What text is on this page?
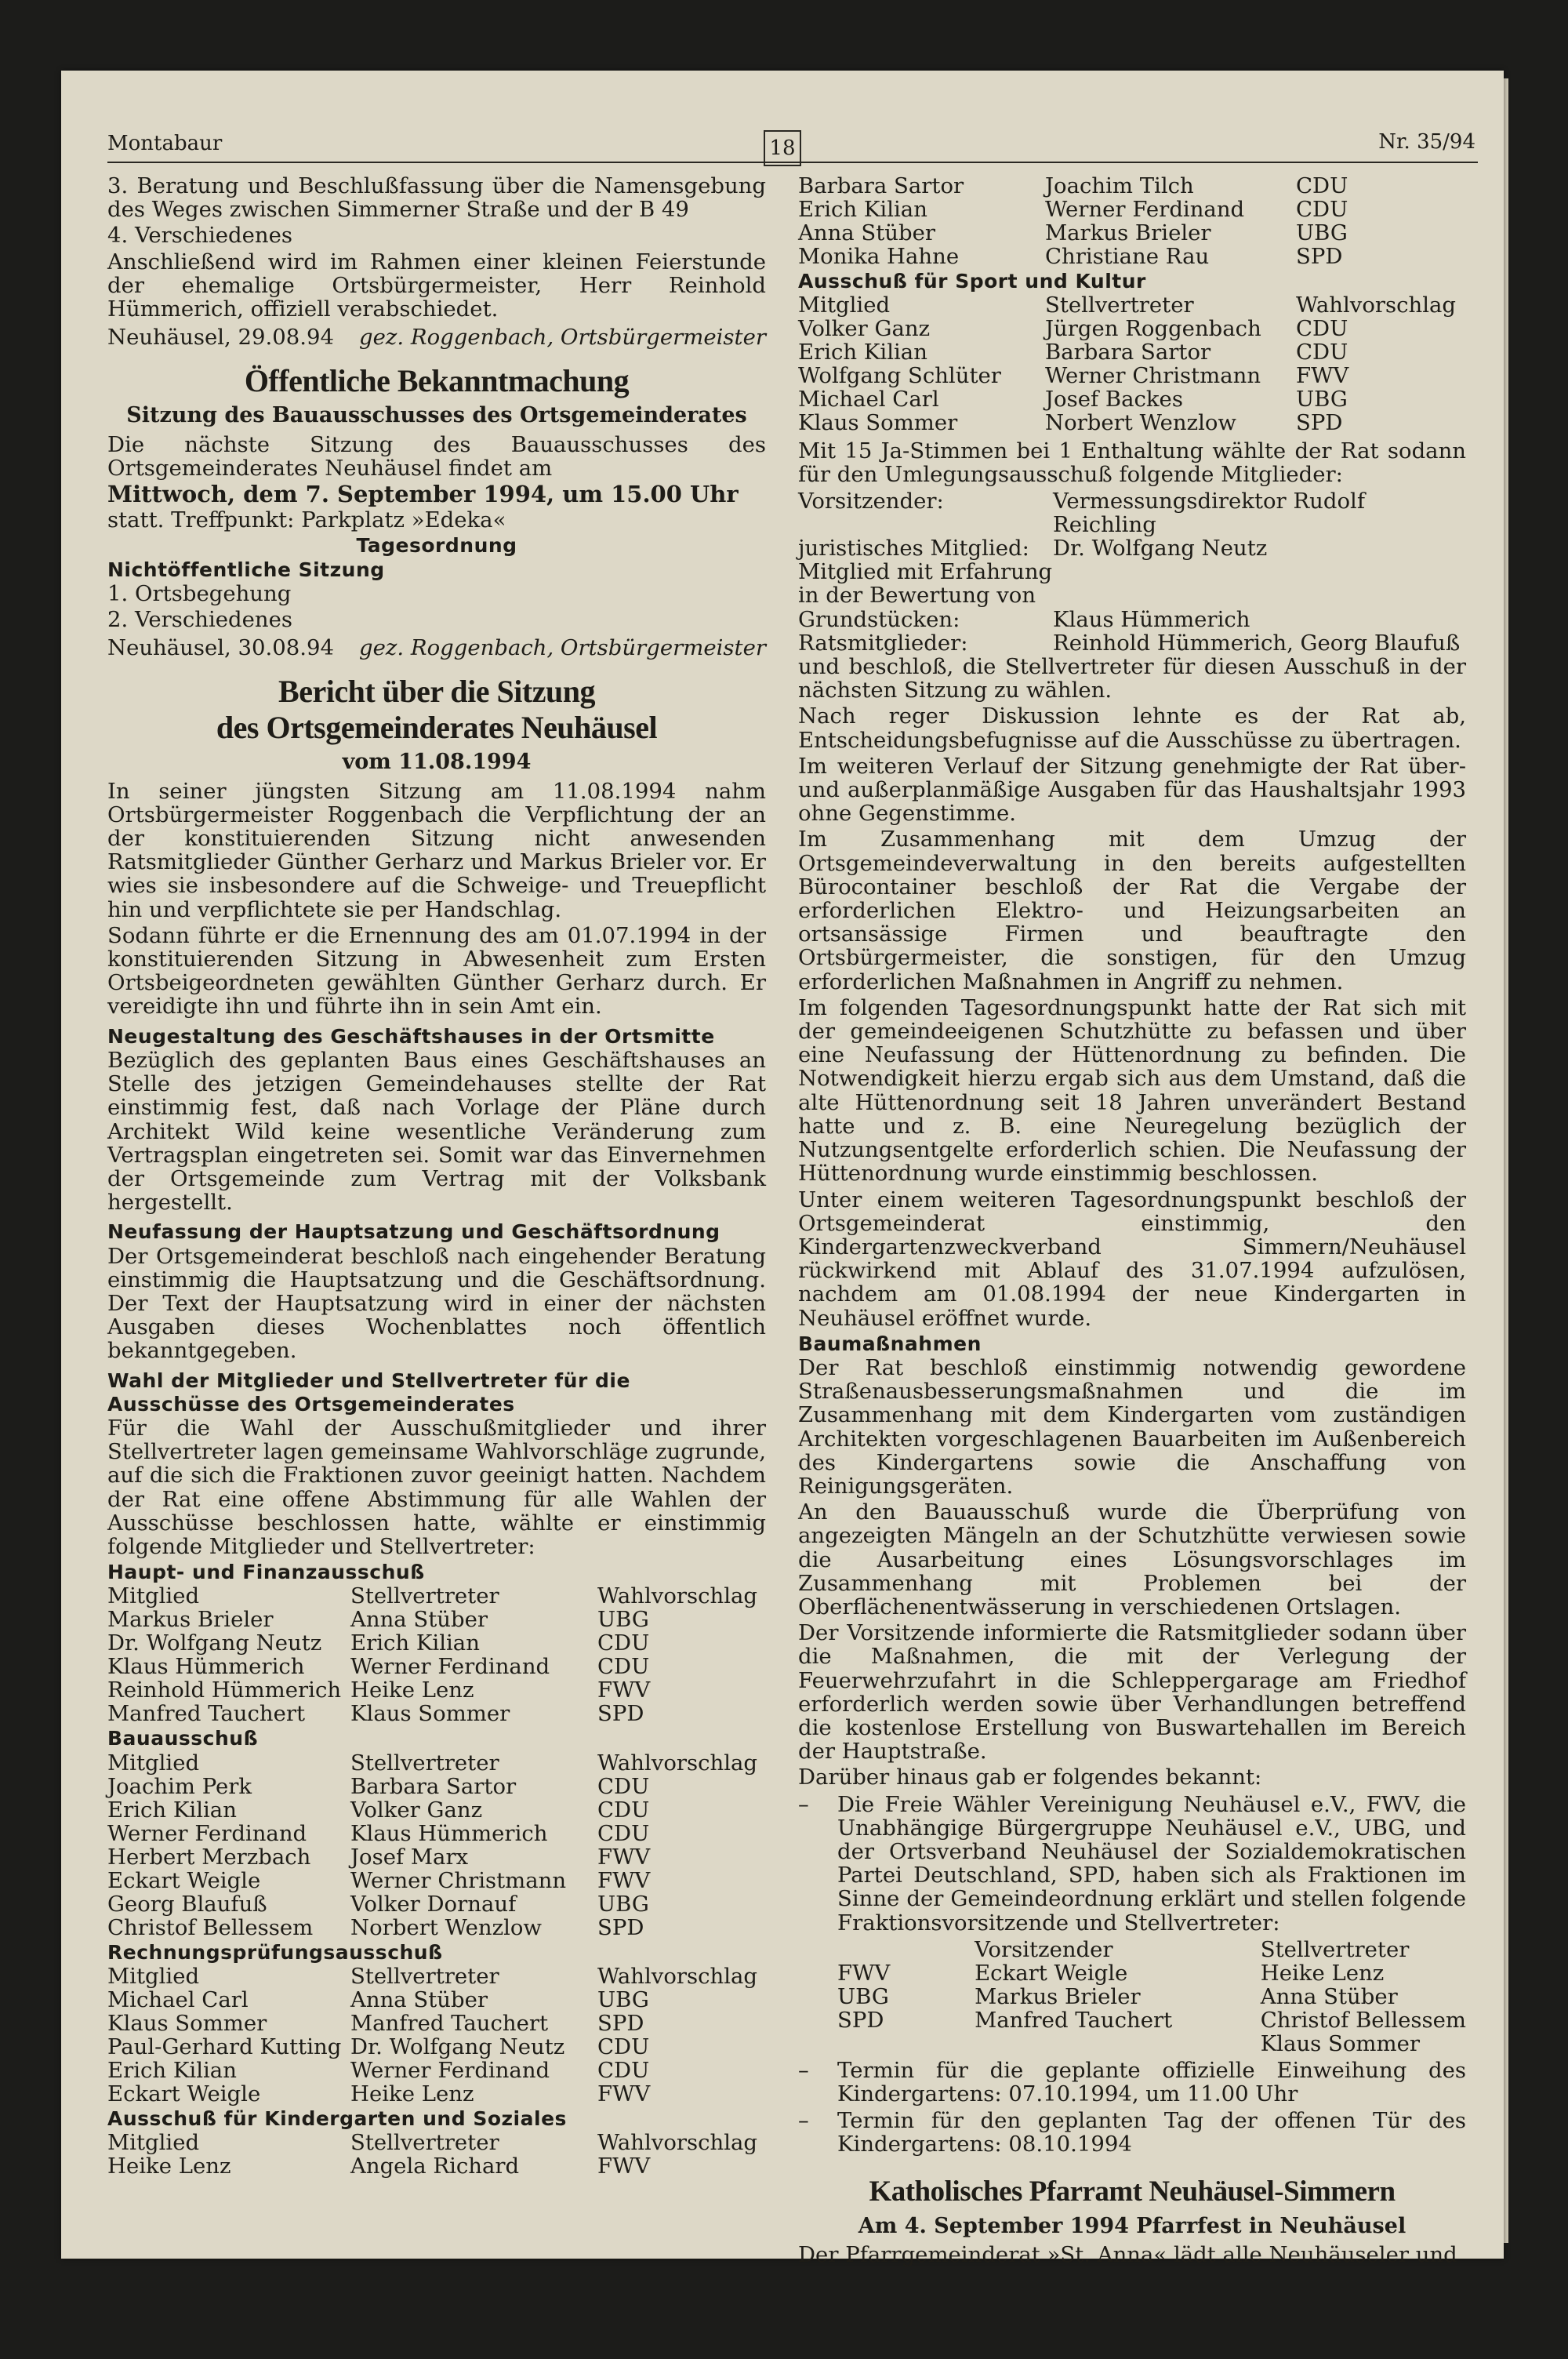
Montabaur	18	Nr. 35/94

3. Beratung und Beschlußfassung über die Namensgebung des Weges zwischen Simmerner Straße und der B 49

4. Verschiedenes

Anschließend wird im Rahmen einer kleinen Feierstunde der ehemalige Ortsbürgermeister, Herr Reinhold Hümmerich, offiziell verabschiedet.

Neuhäusel, 29.08.94 gez. Roggenbach, Ortsbürgermeister
Öffentliche Bekanntmachung
Sitzung des Bauausschusses des Ortsgemeinderates

Die nächste Sitzung des Bauausschusses des Ortsgemeinderates Neuhäusel findet am

Mittwoch, dem 7. September 1994, um 15.00 Uhr

statt. Treffpunkt: Parkplatz »Edeka«

Tagesordnung
Nichtöffentliche Sitzung

1. Ortsbegehung

2. Verschiedenes

Neuhäusel, 30.08.94 gez. Roggenbach, Ortsbürgermeister
Bericht über die Sitzung
des Ortsgemeinderates Neuhäusel
vom 11.08.1994

In seiner jüngsten Sitzung am 11.08.1994 nahm Ortsbürgermeister Roggenbach die Verpflichtung der an der konstituierenden Sitzung nicht anwesenden Ratsmitglieder Günther Gerharz und Markus Brieler vor. Er wies sie insbesondere auf die Schweige- und Treuepflicht hin und verpflichtete sie per Handschlag.

Sodann führte er die Ernennung des am 01.07.1994 in der konstituierenden Sitzung in Abwesenheit zum Ersten Ortsbeigeordneten gewählten Günther Gerharz durch. Er vereidigte ihn und führte ihn in sein Amt ein.

Neugestaltung des Geschäftshauses in der Ortsmitte

Bezüglich des geplanten Baus eines Geschäftshauses an Stelle des jetzigen Gemeindehauses stellte der Rat einstimmig fest, daß nach Vorlage der Pläne durch Architekt Wild keine wesentliche Veränderung zum Vertragsplan eingetreten sei. Somit war das Einvernehmen der Ortsgemeinde zum Vertrag mit der Volksbank hergestellt.

Neufassung der Hauptsatzung und Geschäftsordnung

Der Ortsgemeinderat beschloß nach eingehender Beratung einstimmig die Hauptsatzung und die Geschäftsordnung. Der Text der Hauptsatzung wird in einer der nächsten Ausgaben dieses Wochenblattes noch öffentlich bekanntgegeben.

Wahl der Mitglieder und Stellvertreter für die Ausschüsse des Ortsgemeinderates

Für die Wahl der Ausschußmitglieder und ihrer Stellvertreter lagen gemeinsame Wahlvorschläge zugrunde, auf die sich die Fraktionen zuvor geeinigt hatten. Nachdem der Rat eine offene Abstimmung für alle Wahlen der Ausschüsse beschlossen hatte, wählte er einstimmig folgende Mitglieder und Stellvertreter:

Haupt- und Finanzausschuß
Mitglied	Stellvertreter	Wahlvorschlag
Markus Brieler	Anna Stüber	UBG
Dr. Wolfgang Neutz	Erich Kilian	CDU
Klaus Hümmerich	Werner Ferdinand	CDU
Reinhold Hümmerich	Heike Lenz	FWV
Manfred Tauchert	Klaus Sommer	SPD
Bauausschuß
Mitglied	Stellvertreter	Wahlvorschlag
Joachim Perk	Barbara Sartor	CDU
Erich Kilian	Volker Ganz	CDU
Werner Ferdinand	Klaus Hümmerich	CDU
Herbert Merzbach	Josef Marx	FWV
Eckart Weigle	Werner Christmann	FWV
Georg Blaufuß	Volker Dornauf	UBG
Christof Bellessem	Norbert Wenzlow	SPD
Rechnungsprüfungsausschuß
Mitglied	Stellvertreter	Wahlvorschlag
Michael Carl	Anna Stüber	UBG
Klaus Sommer	Manfred Tauchert	SPD
Paul-Gerhard Kutting	Dr. Wolfgang Neutz	CDU
Erich Kilian	Werner Ferdinand	CDU
Eckart Weigle	Heike Lenz	FWV
Ausschuß für Kindergarten und Soziales
Mitglied	Stellvertreter	Wahlvorschlag
Heike Lenz	Angela Richard	FWV
Barbara Sartor	Joachim Tilch	CDU
Erich Kilian	Werner Ferdinand	CDU
Anna Stüber	Markus Brieler	UBG
Monika Hahne	Christiane Rau	SPD
Ausschuß für Sport und Kultur
Mitglied	Stellvertreter	Wahlvorschlag
Volker Ganz	Jürgen Roggenbach	CDU
Erich Kilian	Barbara Sartor	CDU
Wolfgang Schlüter	Werner Christmann	FWV
Michael Carl	Josef Backes	UBG
Klaus Sommer	Norbert Wenzlow	SPD

Mit 15 Ja-Stimmen bei 1 Enthaltung wählte der Rat sodann für den Umlegungsausschuß folgende Mitglieder:

Vorsitzender:	Vermessungsdirektor Rudolf Reichling
juristisches Mitglied:	Dr. Wolfgang Neutz
Mitglied mit Erfahrung
in der Bewertung von
Grundstücken:	Klaus Hümmerich
Ratsmitglieder:	Reinhold Hümmerich, Georg Blaufuß

und beschloß, die Stellvertreter für diesen Ausschuß in der nächsten Sitzung zu wählen.

Nach reger Diskussion lehnte es der Rat ab, Entscheidungsbefugnisse auf die Ausschüsse zu übertragen.

Im weiteren Verlauf der Sitzung genehmigte der Rat über- und außerplanmäßige Ausgaben für das Haushaltsjahr 1993 ohne Gegenstimme.

Im Zusammenhang mit dem Umzug der Ortsgemeindeverwaltung in den bereits aufgestellten Bürocontainer beschloß der Rat die Vergabe der erforderlichen Elektro- und Heizungsarbeiten an ortsansässige Firmen und beauftragte den Ortsbürgermeister, die sonstigen, für den Umzug erforderlichen Maßnahmen in Angriff zu nehmen.

Im folgenden Tagesordnungspunkt hatte der Rat sich mit der gemeindeeigenen Schutzhütte zu befassen und über eine Neufassung der Hüttenordnung zu befinden. Die Notwendigkeit hierzu ergab sich aus dem Umstand, daß die alte Hüttenordnung seit 18 Jahren unverändert Bestand hatte und z. B. eine Neuregelung bezüglich der Nutzungsentgelte erforderlich schien. Die Neufassung der Hüttenordnung wurde einstimmig beschlossen.

Unter einem weiteren Tagesordnungspunkt beschloß der Ortsgemeinderat einstimmig, den Kindergartenzweckverband Simmern/Neuhäusel rückwirkend mit Ablauf des 31.07.1994 aufzulösen, nachdem am 01.08.1994 der neue Kindergarten in Neuhäusel eröffnet wurde.

Baumaßnahmen

Der Rat beschloß einstimmig notwendig gewordene Straßenausbesserungsmaßnahmen und die im Zusammenhang mit dem Kindergarten vom zuständigen Architekten vorgeschlagenen Bauarbeiten im Außenbereich des Kindergartens sowie die Anschaffung von Reinigungsgeräten.

An den Bauausschuß wurde die Überprüfung von angezeigten Mängeln an der Schutzhütte verwiesen sowie die Ausarbeitung eines Lösungsvorschlages im Zusammenhang mit Problemen bei der Oberflächenentwässerung in verschiedenen Ortslagen.

Der Vorsitzende informierte die Ratsmitglieder sodann über die Maßnahmen, die mit der Verlegung der Feuerwehrzufahrt in die Schleppergarage am Friedhof erforderlich werden sowie über Verhandlungen betreffend die kostenlose Erstellung von Buswartehallen im Bereich der Hauptstraße.

Darüber hinaus gab er folgendes bekannt:

–	Die Freie Wähler Vereinigung Neuhäusel e.V., FWV, die Unabhängige Bürgergruppe Neuhäusel e.V., UBG, und der Ortsverband Neuhäusel der Sozialdemokratischen Partei Deutschland, SPD, haben sich als Fraktionen im Sinne der Gemeindeordnung erklärt und stellen folgende Fraktionsvorsitzende und Stellvertreter:
	Vorsitzender	Stellvertreter
FWV	Eckart Weigle	Heike Lenz
UBG	Markus Brieler	Anna Stüber
SPD	Manfred Tauchert	Christof Bellessem
		Klaus Sommer
–	Termin für die geplante offizielle Einweihung des Kindergartens: 07.10.1994, um 11.00 Uhr
–	Termin für den geplanten Tag der offenen Tür des Kindergartens: 08.10.1994
Katholisches Pfarramt Neuhäusel-Simmern
Am 4. September 1994 Pfarrfest in Neuhäusel

Der Pfarrgemeinderat »St. Anna« lädt alle Neuhäuseler und
